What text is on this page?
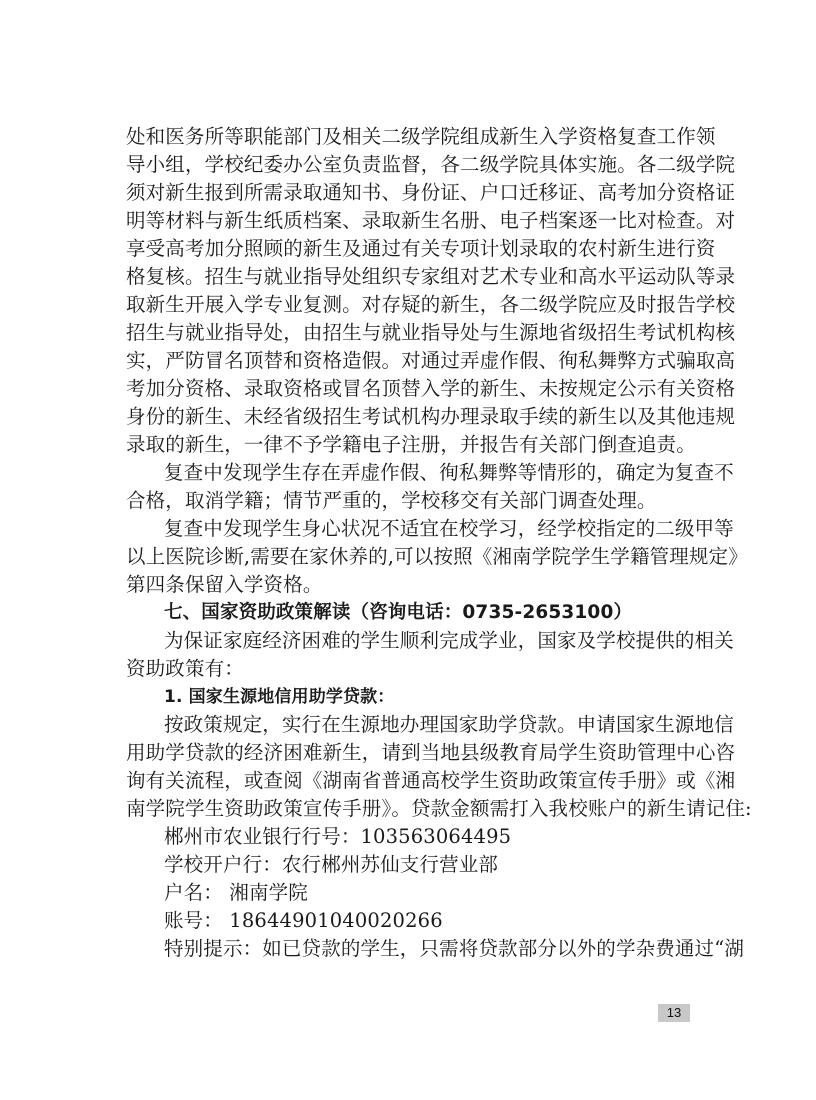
处和医务所等职能部门及相关二级学院组成新生入学资格复查工作领
导小组，学校纪委办公室负责监督，各二级学院具体实施。各二级学院
须对新生报到所需录取通知书、身份证、户口迁移证、高考加分资格证
明等材料与新生纸质档案、录取新生名册、电子档案逐一比对检查。对
享受高考加分照顾的新生及通过有关专项计划录取的农村新生进行资
格复核。招生与就业指导处组织专家组对艺术专业和高水平运动队等录
取新生开展入学专业复测。对存疑的新生，各二级学院应及时报告学校
招生与就业指导处，由招生与就业指导处与生源地省级招生考试机构核
实，严防冒名顶替和资格造假。对通过弄虚作假、徇私舞弊方式骗取高
考加分资格、录取资格或冒名顶替入学的新生、未按规定公示有关资格
身份的新生、未经省级招生考试机构办理录取手续的新生以及其他违规
录取的新生，一律不予学籍电子注册，并报告有关部门倒查追责。
复查中发现学生存在弄虚作假、徇私舞弊等情形的，确定为复查不
合格，取消学籍；情节严重的，学校移交有关部门调查处理。
复查中发现学生身心状况不适宜在校学习，经学校指定的二级甲等
以上医院诊断,需要在家休养的,可以按照《湘南学院学生学籍管理规定》
第四条保留入学资格。
七、国家资助政策解读（咨询电话：0735-2653100）
为保证家庭经济困难的学生顺利完成学业，国家及学校提供的相关
资助政策有：
1. 国家生源地信用助学贷款：
按政策规定，实行在生源地办理国家助学贷款。申请国家生源地信
用助学贷款的经济困难新生，请到当地县级教育局学生资助管理中心咨
询有关流程，或查阅《湖南省普通高校学生资助政策宣传手册》或《湘
南学院学生资助政策宣传手册》。贷款金额需打入我校账户的新生请记住:
郴州市农业银行行号：103563064495
学校开户行：农行郴州苏仙支行营业部
户名： 湘南学院
账号： 18644901040020266
特别提示：如已贷款的学生，只需将贷款部分以外的学杂费通过“湖
13
